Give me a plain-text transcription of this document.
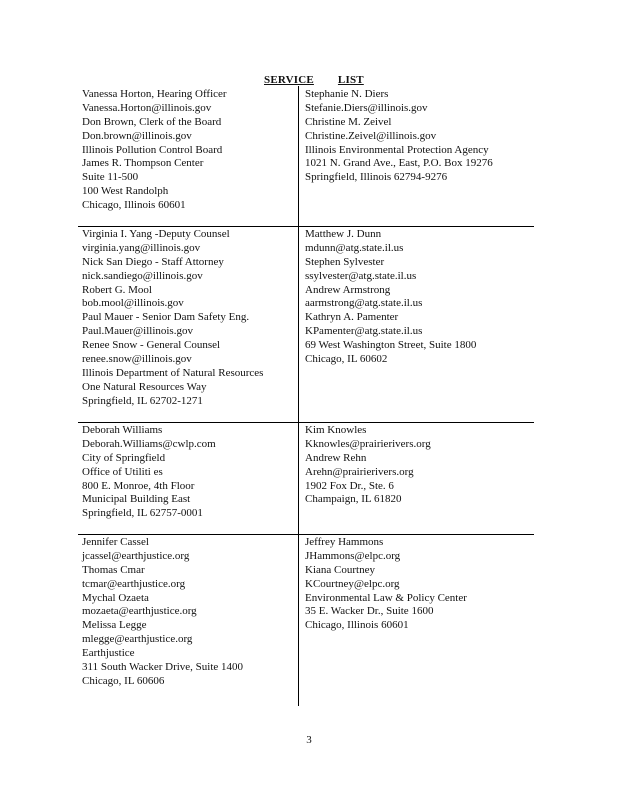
SERVICE LIST
Vanessa Horton, Hearing Officer
Vanessa.Horton@illinois.gov
Don Brown, Clerk of the Board
Don.brown@illinois.gov
Illinois Pollution Control Board
James R. Thompson Center
Suite 11-500
100 West Randolph
Chicago, Illinois 60601
Stephanie N. Diers
Stefanie.Diers@illinois.gov
Christine M. Zeivel
Christine.Zeivel@illinois.gov
Illinois Environmental Protection Agency
1021 N. Grand Ave., East, P.O. Box 19276
Springfield, Illinois 62794-9276
Virginia I. Yang -Deputy Counsel
virginia.yang@illinois.gov
Nick San Diego - Staff Attorney
nick.sandiego@illinois.gov
Robert G. Mool
bob.mool@illinois.gov
Paul Mauer - Senior Dam Safety Eng.
Paul.Mauer@illinois.gov
Renee Snow - General Counsel
renee.snow@illinois.gov
Illinois Department of Natural Resources
One Natural Resources Way
Springfield, IL 62702-1271
Matthew J. Dunn
mdunn@atg.state.il.us
Stephen Sylvester
ssylvester@atg.state.il.us
Andrew Armstrong
aarmstrong@atg.state.il.us
Kathryn A. Pamenter
KPamenter@atg.state.il.us
69 West Washington Street, Suite 1800
Chicago, IL 60602
Deborah Williams
Deborah.Williams@cwlp.com
City of Springfield
Office of Utiliti es
800 E. Monroe, 4th Floor
Municipal Building East
Springfield, IL 62757-0001
Kim Knowles
Kknowles@prairierivers.org
Andrew Rehn
Arehn@prairierivers.org
1902 Fox Dr., Ste. 6
Champaign, IL 61820
Jennifer Cassel
jcassel@earthjustice.org
Thomas Cmar
tcmar@earthjustice.org
Mychal Ozaeta
mozaeta@earthjustice.org
Melissa Legge
mlegge@earthjustice.org
Earthjustice
311 South Wacker Drive, Suite 1400
Chicago, IL 60606
Jeffrey Hammons
JHammons@elpc.org
Kiana Courtney
KCourtney@elpc.org
Environmental Law & Policy Center
35 E. Wacker Dr., Suite 1600
Chicago, Illinois 60601
3
